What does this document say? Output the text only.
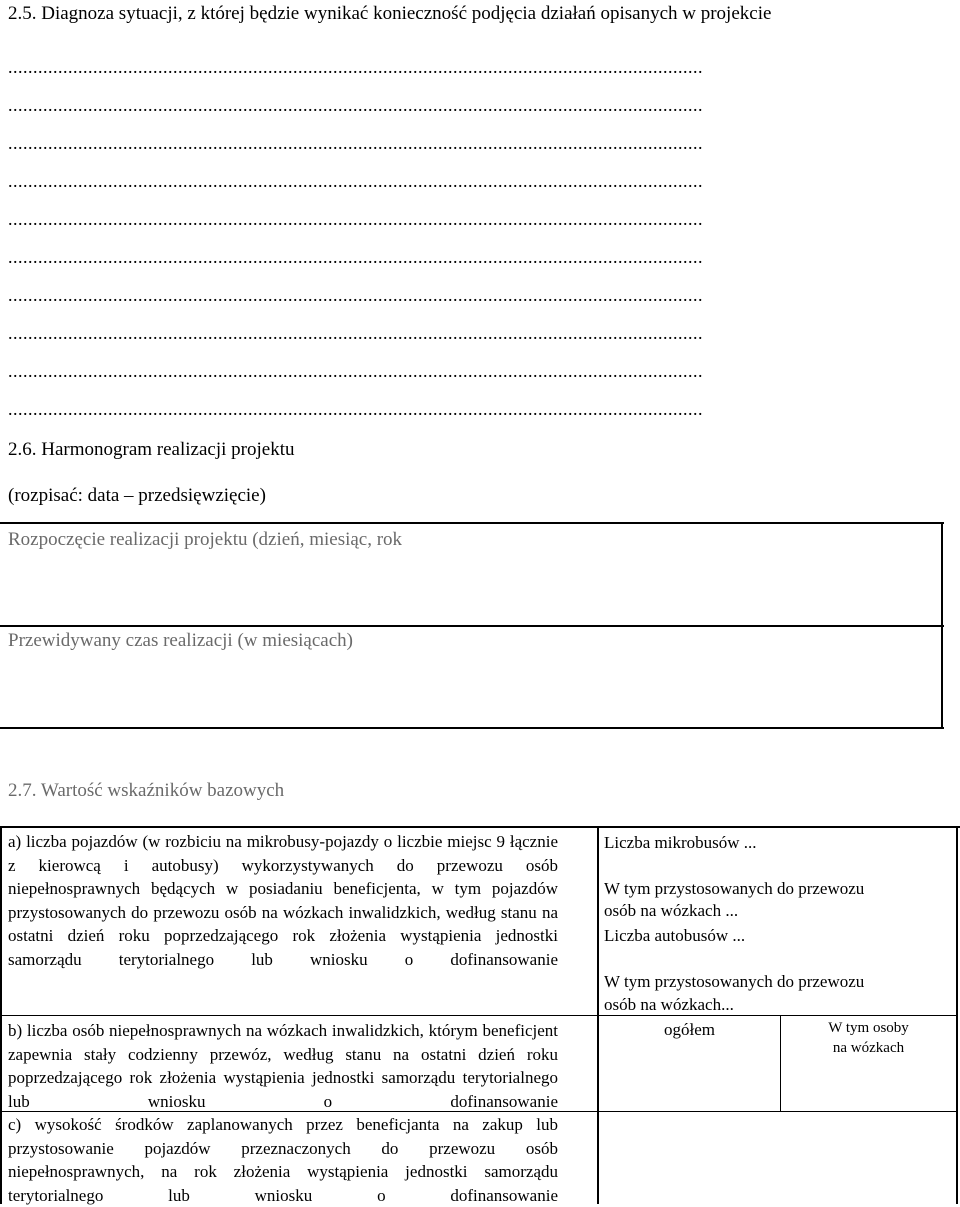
2.5. Diagnoza sytuacji, z której będzie wynikać konieczność podjęcia działań opisanych w projekcie
...........................................................................................................................................
...........................................................................................................................................
...........................................................................................................................................
...........................................................................................................................................
...........................................................................................................................................
...........................................................................................................................................
...........................................................................................................................................
...........................................................................................................................................
...........................................................................................................................................
...........................................................................................................................................
2.6. Harmonogram realizacji projektu
(rozpisać: data – przedsięwzięcie)
Rozpoczęcie realizacji projektu (dzień, miesiąc, rok
Przewidywany czas realizacji (w miesiącach)
2.7. Wartość wskaźników bazowych
a) liczba pojazdów (w rozbiciu na mikrobusy-pojazdy o liczbie miejsc 9 łącznie z kierowcą i autobusy) wykorzystywanych do przewozu osób niepełnosprawnych będących w posiadaniu beneficjenta, w tym pojazdów przystosowanych do przewozu osób na wózkach inwalidzkich, według stanu na ostatni dzień roku poprzedzającego rok złożenia wystąpienia jednostki samorządu terytorialnego lub wniosku o dofinansowanie
b) liczba osób niepełnosprawnych na wózkach inwalidzkich, którym beneficjent zapewnia stały codzienny przewóz, według stanu na ostatni dzień roku poprzedzającego rok złożenia wystąpienia jednostki samorządu terytorialnego lub wniosku o dofinansowanie
c) wysokość środków zaplanowanych przez beneficjanta na zakup lub przystosowanie pojazdów przeznaczonych do przewozu osób niepełnosprawnych, na rok złożenia wystąpienia jednostki samorządu terytorialnego lub wniosku o dofinansowanie
Liczba mikrobusów ...
W tym przystosowanych do przewozu
osób na wózkach ...
Liczba autobusów ...
W tym przystosowanych do przewozu
osób na wózkach...
ogółem	W tym osoby
na wózkach
